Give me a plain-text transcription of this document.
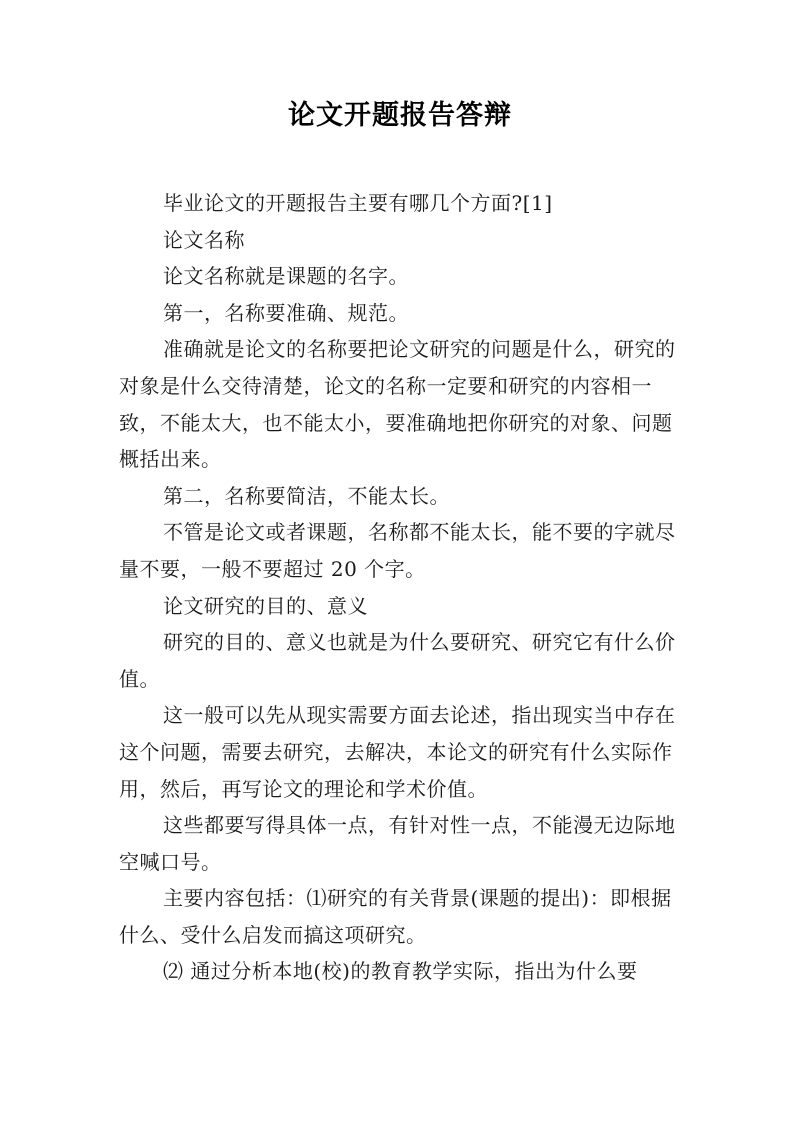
论文开题报告答辩

毕业论文的开题报告主要有哪几个方面?[1]

论文名称

论文名称就是课题的名字。

第一，名称要准确、规范。

准确就是论文的名称要把论文研究的问题是什么，研究的对象是什么交待清楚，论文的名称一定要和研究的内容相一致，不能太大，也不能太小，要准确地把你研究的对象、问题概括出来。

第二，名称要简洁，不能太长。

不管是论文或者课题，名称都不能太长，能不要的字就尽量不要，一般不要超过 20 个字。

论文研究的目的、意义

研究的目的、意义也就是为什么要研究、研究它有什么价值。

这一般可以先从现实需要方面去论述，指出现实当中存在这个问题，需要去研究，去解决，本论文的研究有什么实际作用，然后，再写论文的理论和学术价值。

这些都要写得具体一点，有针对性一点，不能漫无边际地空喊口号。

主要内容包括：⑴研究的有关背景(课题的提出)：即根据什么、受什么启发而搞这项研究。

⑵ 通过分析本地(校)的教育教学实际，指出为什么要
